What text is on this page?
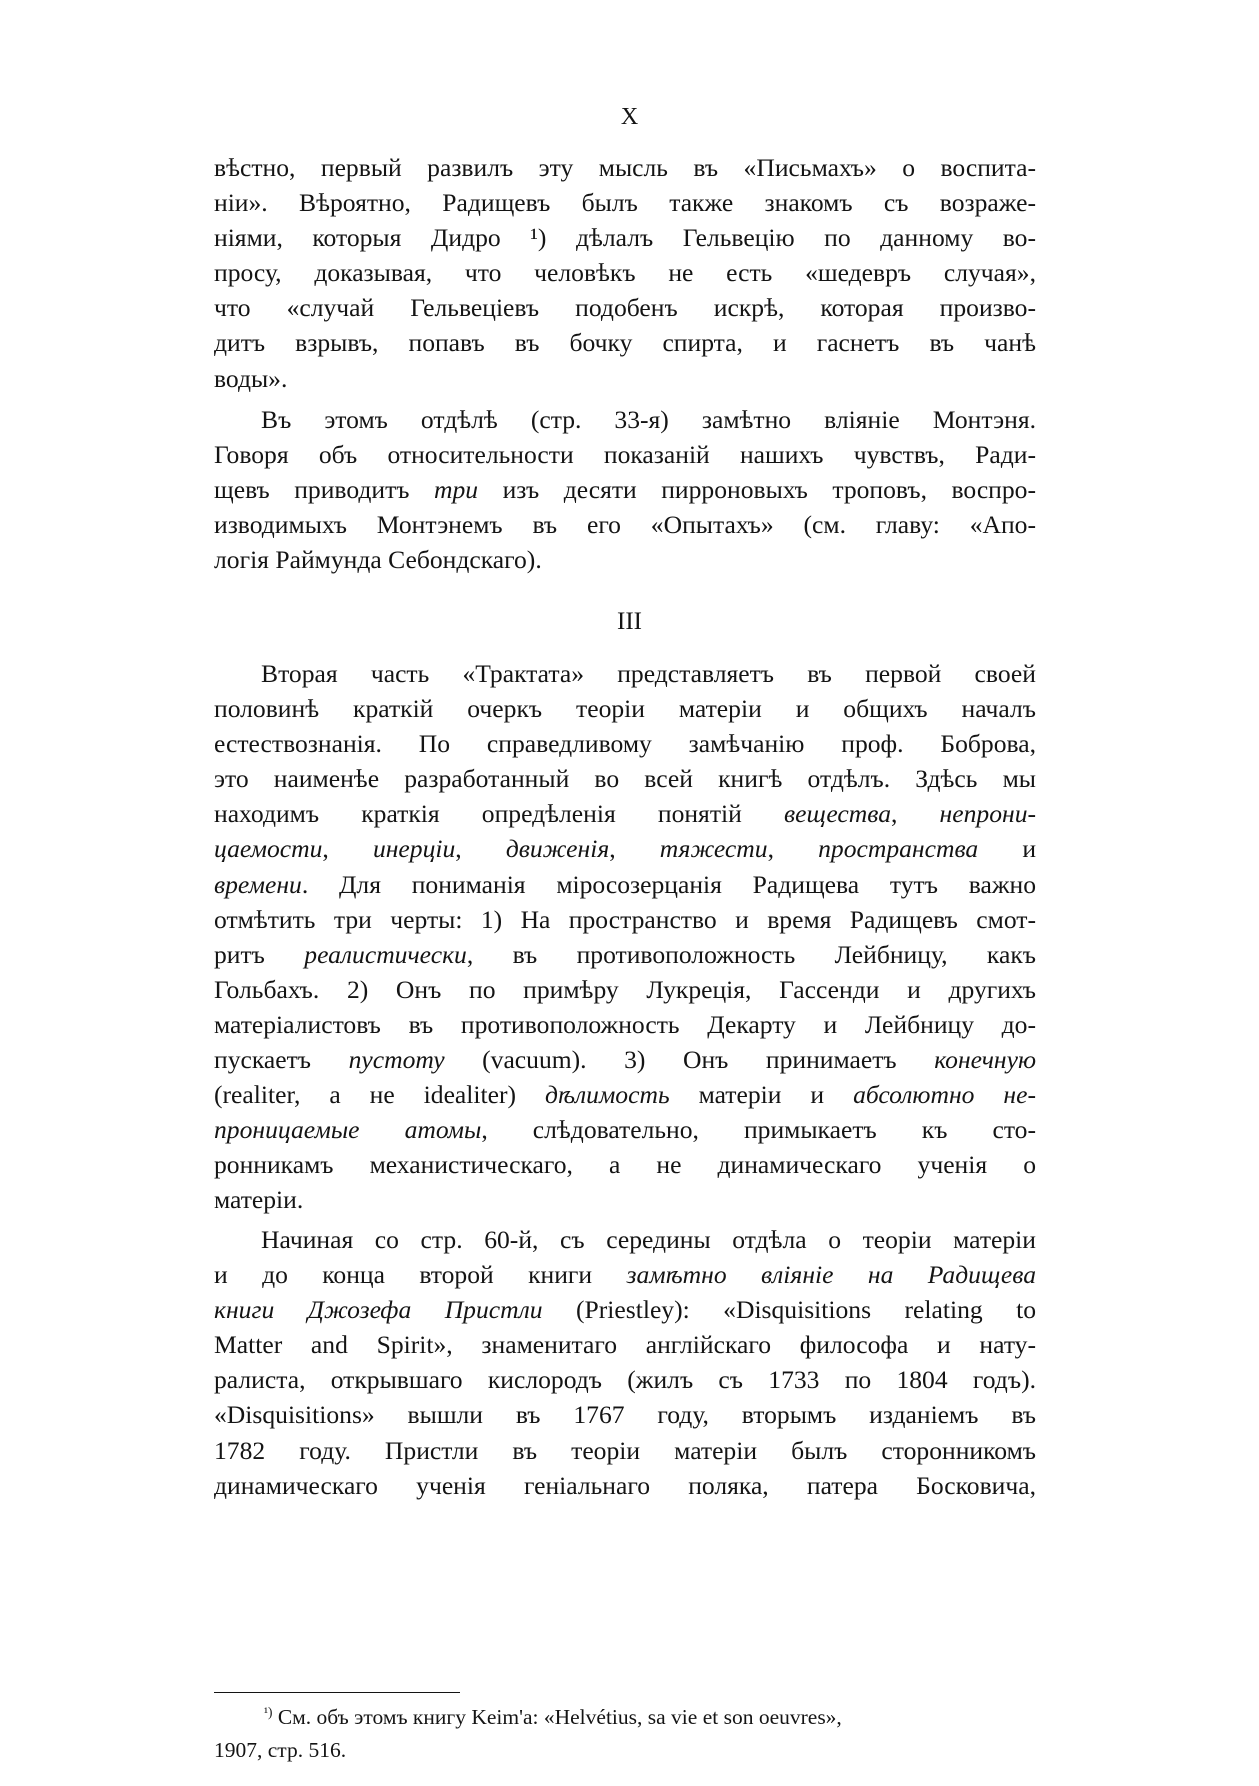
X
вѣстно, первый развилъ эту мысль въ «Письмахъ» о воспита-
ніи». Вѣроятно, Радищевъ былъ также знакомъ съ возраже-
ніями, которыя Дидро ¹) дѣлалъ Гельвецію по данному во-
просу, доказывая, что человѣкъ не есть «шедевръ случая»,
что «случай Гельвеціевъ подобенъ искрѣ, которая произво-
дитъ взрывъ, попавъ въ бочку спирта, и гаснетъ въ чанѣ
воды».
Въ этомъ отдѣлѣ (стр. 33-я) замѣтно вліяніе Монтэня.
Говоря объ относительности показаній нашихъ чувствъ, Ради-
щевъ приводитъ три изъ десяти пирроновыхъ троповъ, воспро-
изводимыхъ Монтэнемъ въ его «Опытахъ» (см. главу: «Апо-
логія Раймунда Себондскаго).
III
Вторая часть «Трактата» представляетъ въ первой своей
половинѣ краткій очеркъ теоріи матеріи и общихъ началъ
естествознанія. По справедливому замѣчанію проф. Боброва,
это наименѣе разработанный во всей книгѣ отдѣлъ. Здѣсь мы
находимъ краткія опредѣленія понятій вещества, непрони-
цаемости, инерціи, движенія, тяжести, пространства и
времени. Для пониманія міросозерцанія Радищева тутъ важно
отмѣтить три черты: 1) На пространство и время Радищевъ смот-
ритъ реалистически, въ противоположность Лейбницу, какъ
Гольбахъ. 2) Онъ по примѣру Лукреція, Гассенди и другихъ
матеріалистовъ въ противоположность Декарту и Лейбницу до-
пускаетъ пустоту (vacuum). 3) Онъ принимаетъ конечную
(realiter, а не idealiter) дѣлимость матеріи и абсолютно не-
проницаемые атомы, слѣдовательно, примыкаетъ къ сто-
ронникамъ механистическаго, а не динамическаго ученія о
матеріи.
Начиная со стр. 60-й, съ середины отдѣла о теоріи матеріи
и до конца второй книги замѣтно вліяніе на Радищева
книги Джозефа Пристли (Priestley): «Disquisitions relating to
Matter and Spirit», знаменитаго англійскаго философа и нату-
ралиста, открывшаго кислородъ (жилъ съ 1733 по 1804 годъ).
«Disquisitions» вышли въ 1767 году, вторымъ изданіемъ въ
1782 году. Пристли въ теоріи матеріи былъ сторонникомъ
динамическаго ученія геніальнаго поляка, патера Босковича,
$^{^1)}$ См. объ этомъ книгу Keim'а: «Helvétius, sa vie et son oeuvres»,
1907, стр. 516.
